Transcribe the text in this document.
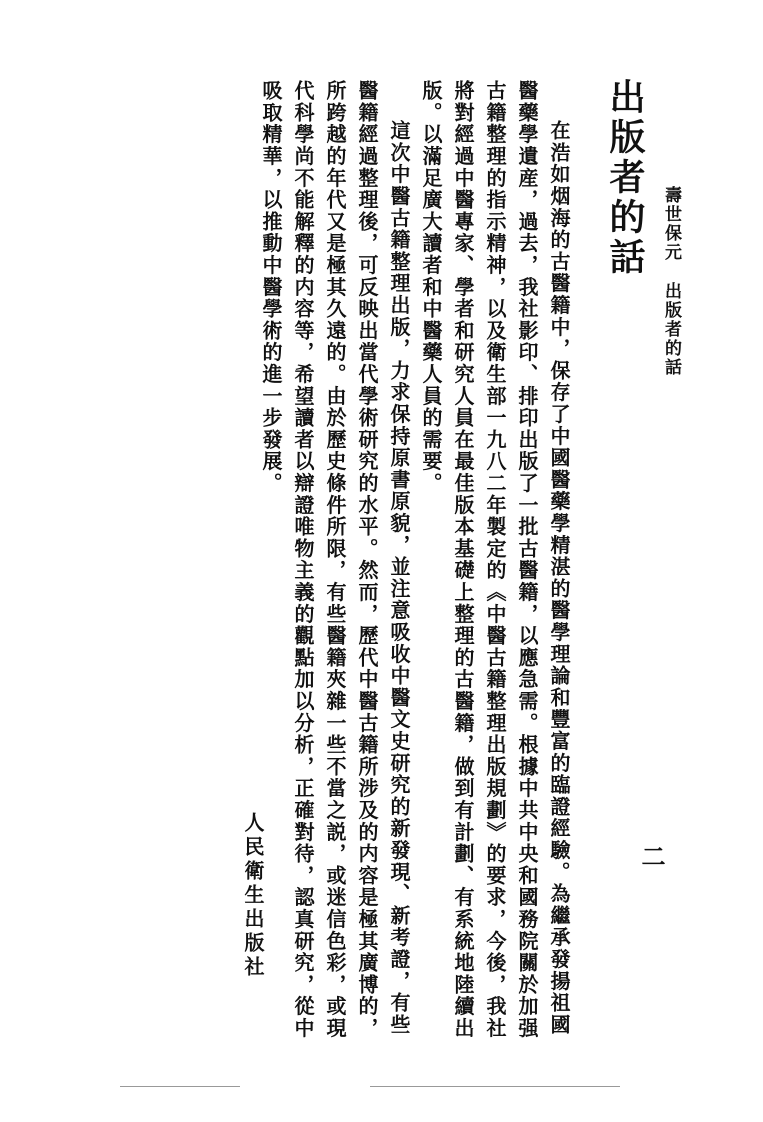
壽世保元出版者的話
出版者的話
二

在浩如烟海的古醫籍中，保存了中國醫藥學精湛的醫學理論和豐富的臨證經驗。為繼承發揚祖國醫藥學遺産，過去，我社影印、排印出版了一批古醫籍，以應急需。根據中共中央和國務院關於加强古籍整理的指示精神，以及衛生部一九八二年製定的《中醫古籍整理出版規劃》的要求，今後，我社將對經過中醫專家、學者和研究人員在最佳版本基礎上整理的古醫籍，做到有計劃、有系統地陸續出版。以滿足廣大讀者和中醫藥人員的需要。

這次中醫古籍整理出版，力求保持原書原貌，並注意吸收中醫文史研究的新發現、新考證，有些醫籍經過整理後，可反映出當代學術研究的水平。然而，歷代中醫古籍所涉及的内容是極其廣博的，所跨越的年代又是極其久遠的。由於歷史條件所限，有些醫籍夾雜一些不當之説，或迷信色彩，或現代科學尚不能解釋的内容等，希望讀者以辯證唯物主義的觀點加以分析，正確對待，認真研究，從中吸取精華，以推動中醫學術的進一步發展。

人民衛生出版社
